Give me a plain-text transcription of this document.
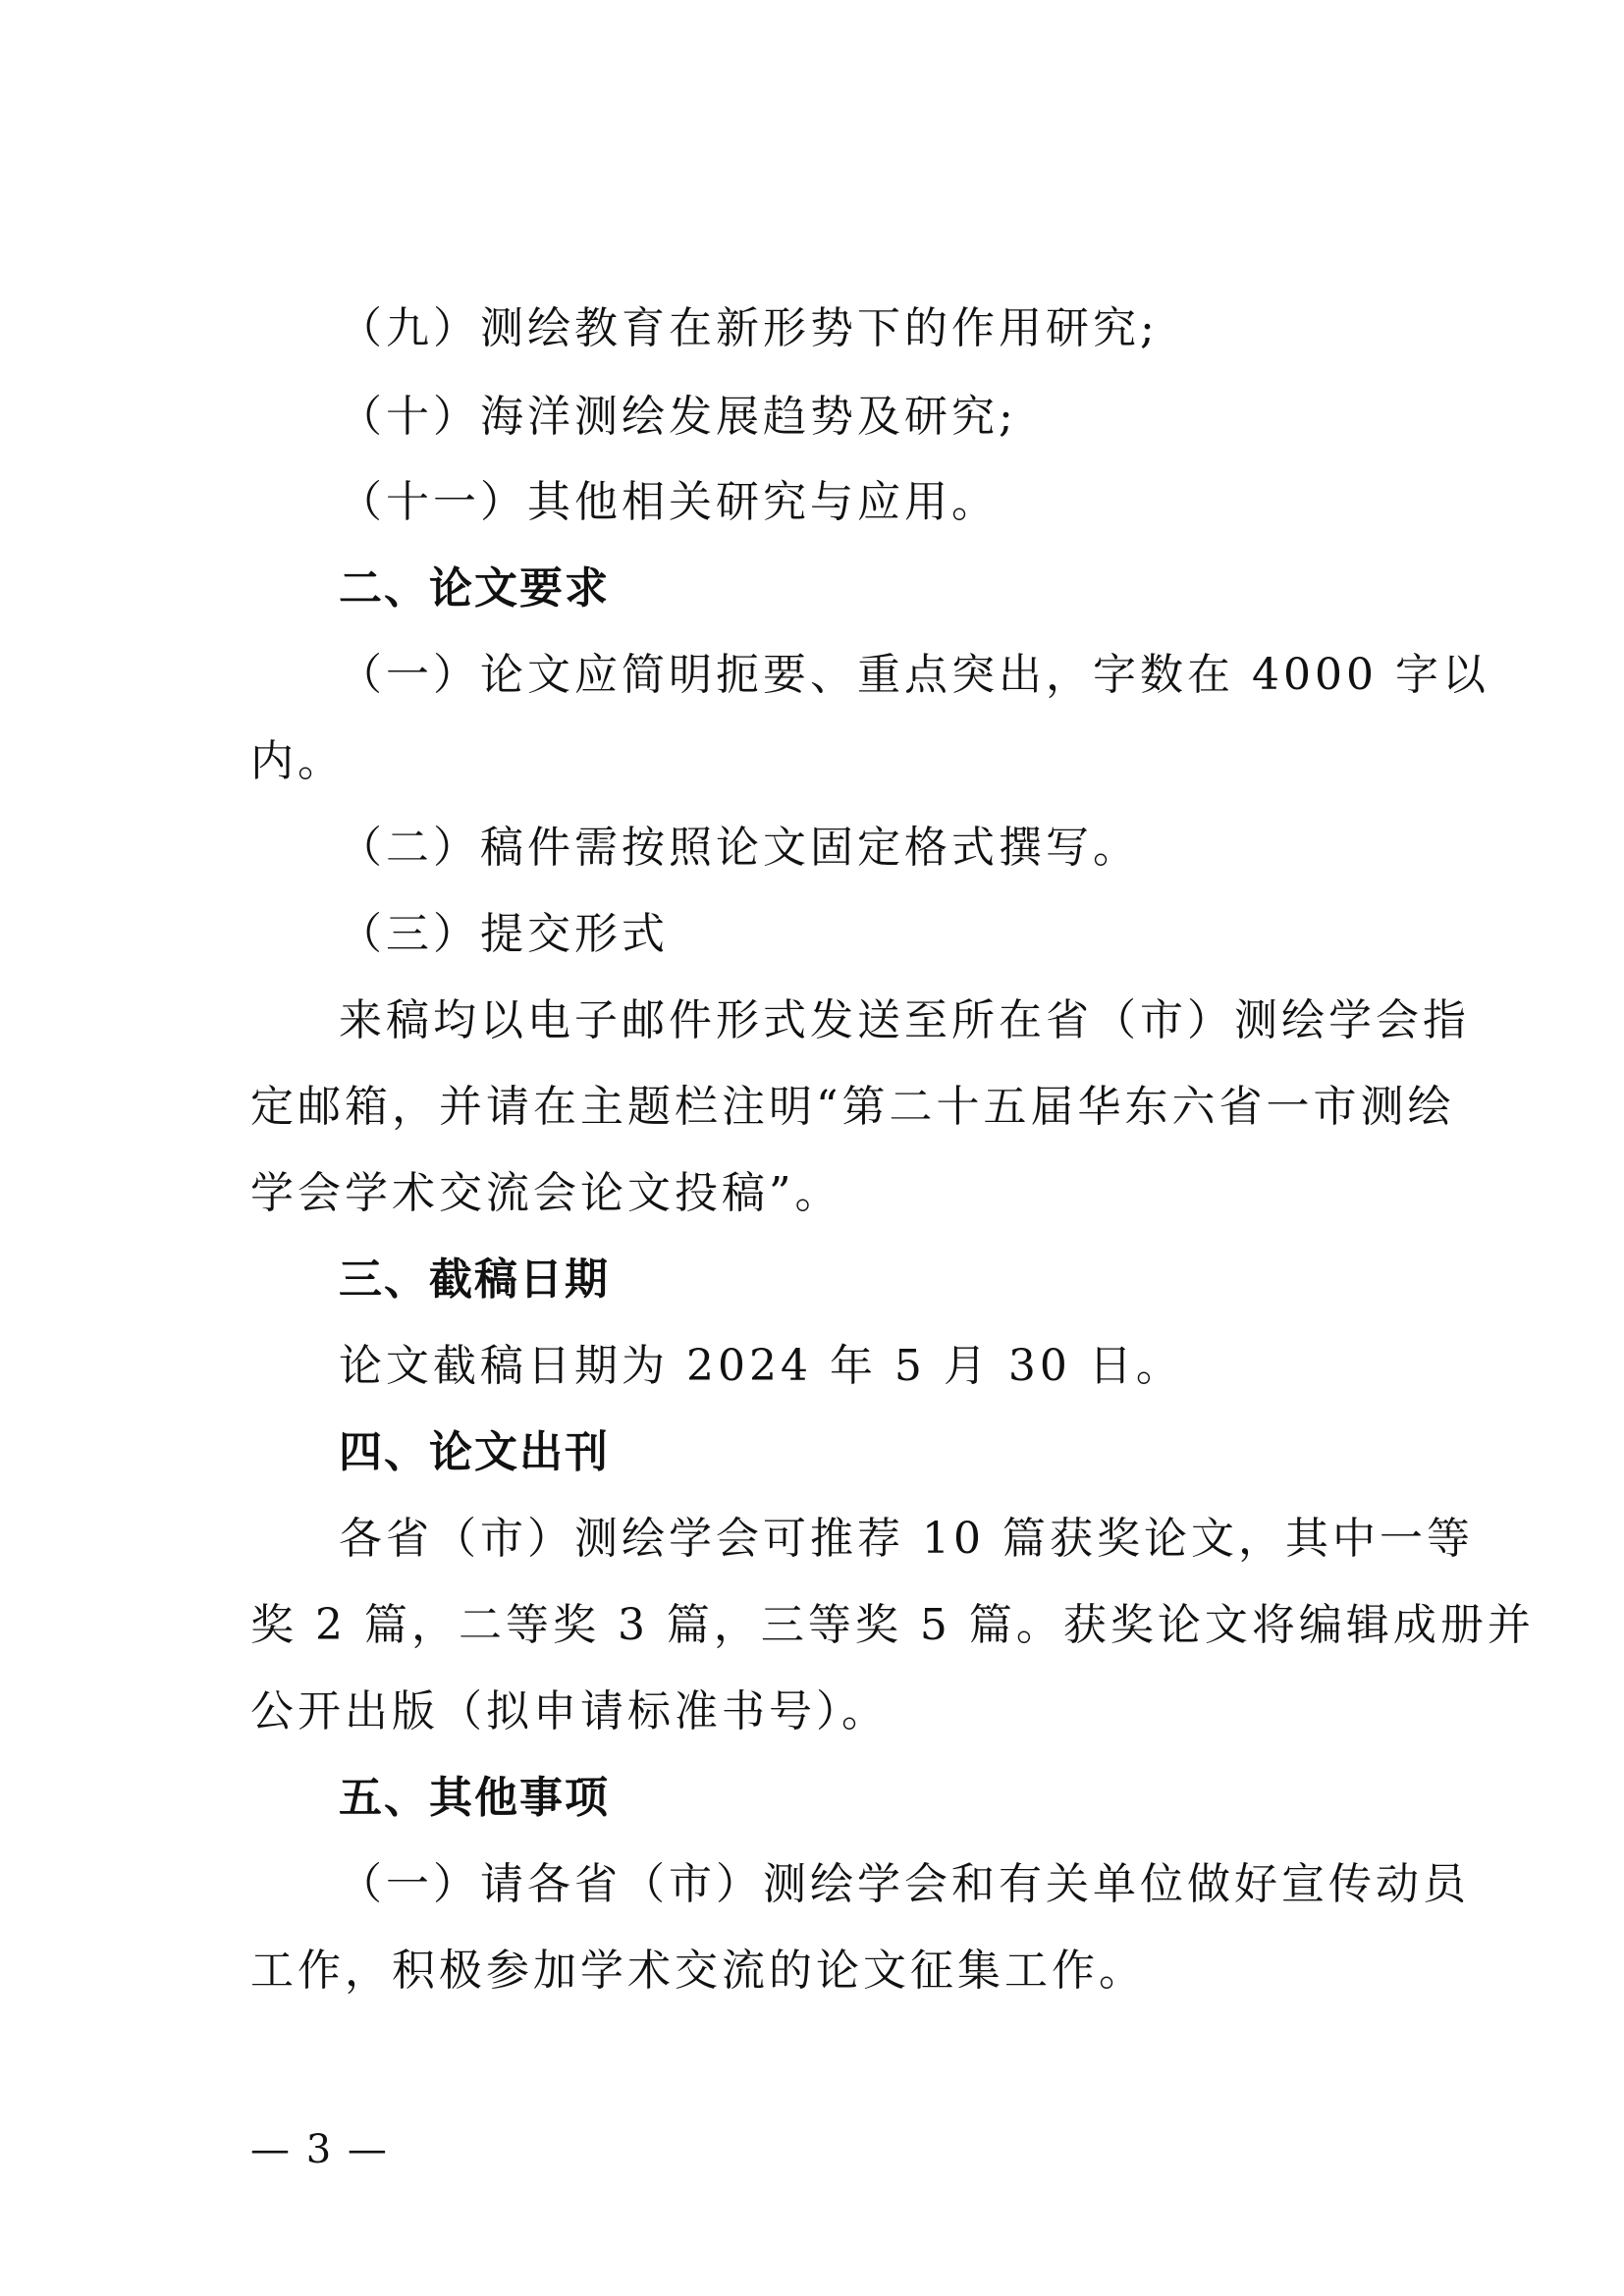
（九）测绘教育在新形势下的作用研究;
（十）海洋测绘发展趋势及研究;
（十一）其他相关研究与应用。
二、论文要求
（一）论文应简明扼要、重点突出，字数在 4000 字以
内。
（二）稿件需按照论文固定格式撰写。
（三）提交形式
来稿均以电子邮件形式发送至所在省（市）测绘学会指
定邮箱，并请在主题栏注明“第二十五届华东六省一市测绘
学会学术交流会论文投稿”。
三、截稿日期
论文截稿日期为 2024 年 5 月 30 日。
四、论文出刊
各省（市）测绘学会可推荐 10 篇获奖论文，其中一等
奖 2 篇，二等奖 3 篇，三等奖 5 篇。获奖论文将编辑成册并
公开出版（拟申请标准书号）。
五、其他事项
（一）请各省（市）测绘学会和有关单位做好宣传动员
工作，积极参加学术交流的论文征集工作。
— 3 —
